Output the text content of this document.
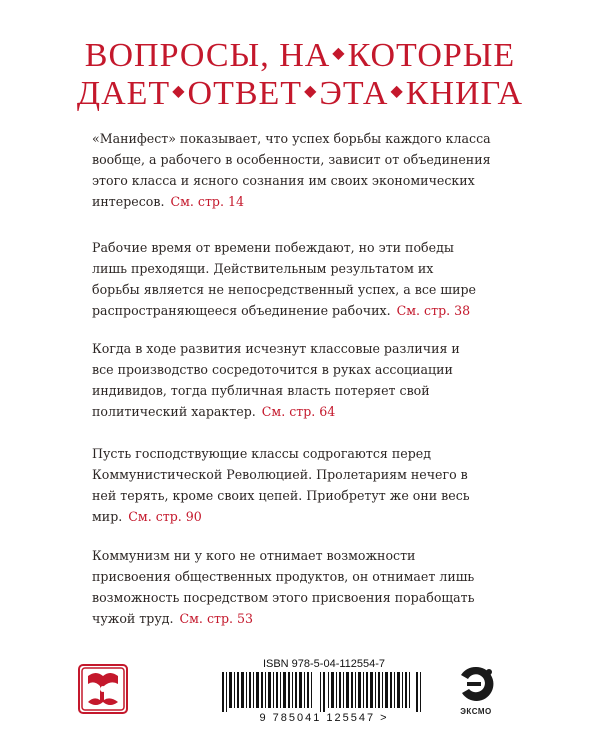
ВОПРОСЫ, НА ◆КОТОРЫЕ
ДАЕТ ◆ОТВЕТ ◆ЭТА ◆КНИГА
«Манифест» показывает, что успех борьбы каждого класса
вообще, а рабочего в особенности, зависит от объединения
этого класса и ясного сознания им своих экономических
интересов. См. стр. 14
Рабочие время от времени побеждают, но эти победы
лишь преходящи. Действительным результатом их
борьбы является не непосредственный успех, а все шире
распространяющееся объединение рабочих. См. стр. 38
Когда в ходе развития исчезнут классовые различия и
все производство сосредоточится в руках ассоциации
индивидов, тогда публичная власть потеряет свой
политический характер. См. стр. 64
Пусть господствующие классы содрогаются перед
Коммунистической Революцией. Пролетариям нечего в
ней терять, кроме своих цепей. Приобретут же они весь
мир. См. стр. 90
Коммунизм ни у кого не отнимает возможности
присвоения общественных продуктов, он отнимает лишь
возможность посредством этого присвоения порабощать
чужой труд. См. стр. 53
ISBN 978-5-04-112554-7
9 785041 125547 >
ЭКСМО
